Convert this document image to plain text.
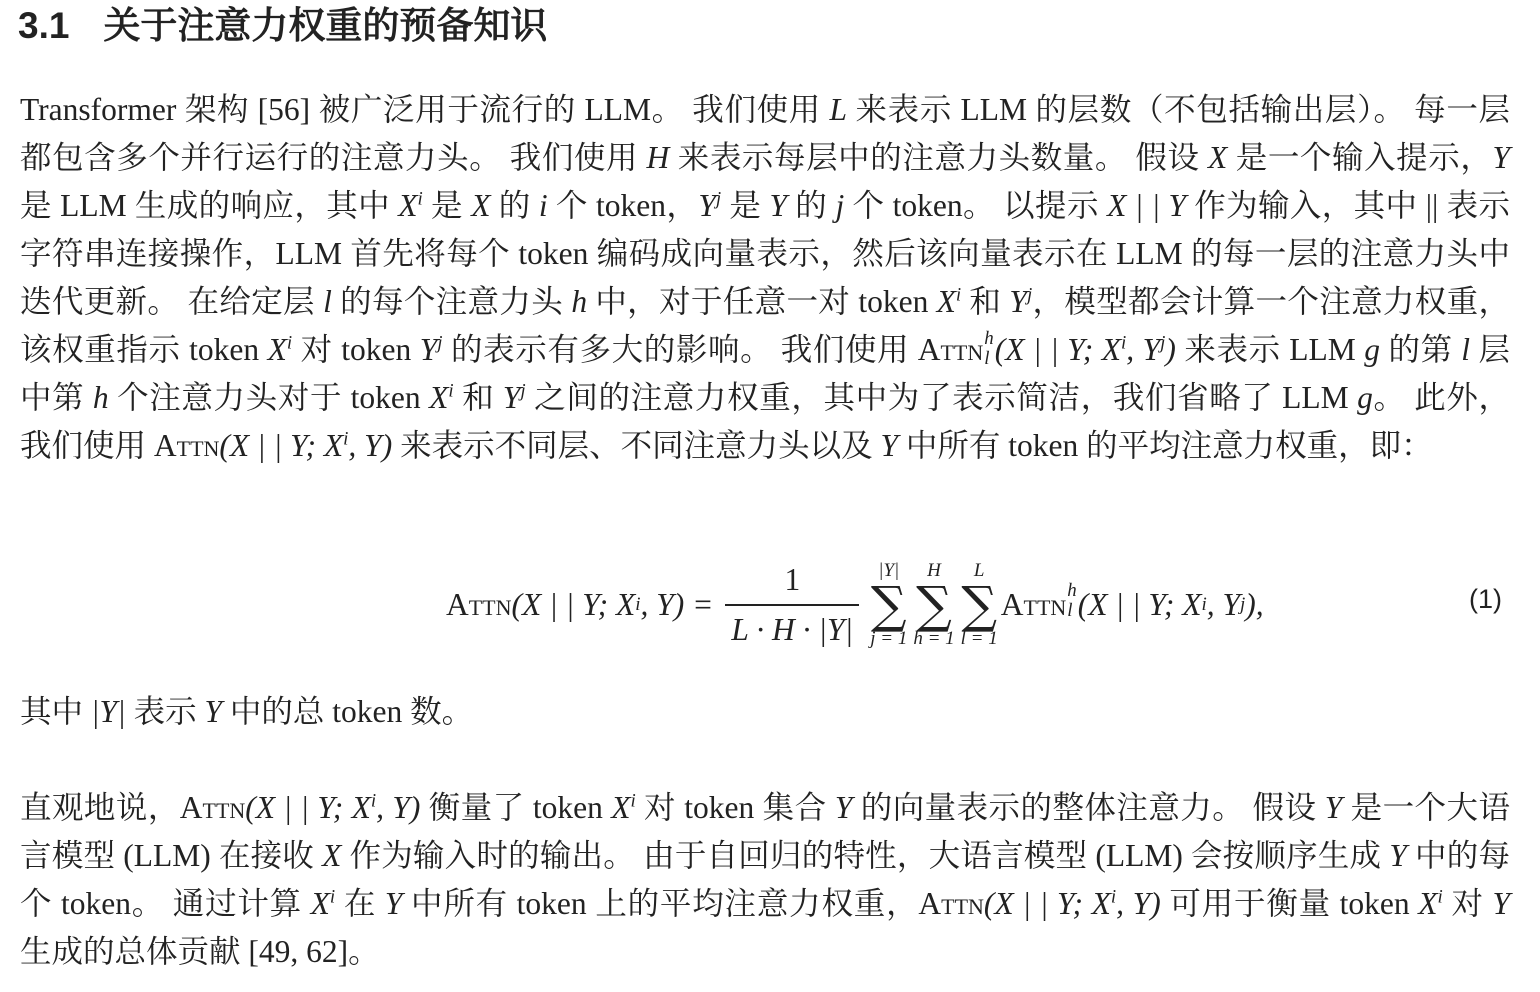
3.1 关于注意力权重的预备知识

Transformer 架构 [56] 被广泛用于流行的 LLM。 我们使用 L 来表示 LLM 的层数（不包括输出层）。 每一层都包含多个并行运行的注意力头。 我们使用 H 来表示每层中的注意力头数量。 假设 X 是一个输入提示，Y 是 LLM 生成的响应，其中 $X^i$ 是 X 的 i 个 token，$Y^j$ 是 Y 的 j 个 token。 以提示 X | | Y 作为输入，其中 || 表示字符串连接操作，LLM 首先将每个 token 编码成向量表示，然后该向量表示在 LLM 的每一层的注意力头中迭代更新。 在给定层 l 的每个注意力头 h 中，对于任意一对 token $X^i$ 和 $Y^j$，模型都会计算一个注意力权重，该权重指示 token $X^i$ 对 token $Y^j$ 的表示有多大的影响。 我们使用 Attn h
l (X | | Y; $X^i$, $Y^j$) 来表示 LLM g 的第 l 层中第 h 个注意力头对于 token $X^i$ 和 $Y^j$ 之间的注意力权重，其中为了表示简洁，我们省略了 LLM g。 此外，我们使用 Attn(X | | Y; $X^i$, Y) 来表示不同层、不同注意力头以及 Y 中所有 token 的平均注意力权重，即：

Attn (X | | Y; X i , $Y) = \frac{1}{L \cdot H \cdot |Y|} |Y|$
∑
j = 1
H
∑
h = 1
L
∑
l = 1
Attn h
l (X | | Y; X i , Y j ),	(1)

其中 |Y| 表示 Y 中的总 token 数。

直观地说，Attn(X | | Y; $X^i$, Y) 衡量了 token $X^i$ 对 token 集合 Y 的向量表示的整体注意力。 假设 Y 是一个大语言模型 (LLM) 在接收 X 作为输入时的输出。 由于自回归的特性，大语言模型 (LLM) 会按顺序生成 Y 中的每个 token。 通过计算 $X^i$ 在 Y 中所有 token 上的平均注意力权重，Attn(X | | Y; $X^i$, Y) 可用于衡量 token $X^i$ 对 Y 生成的总体贡献 [49, 62]。
